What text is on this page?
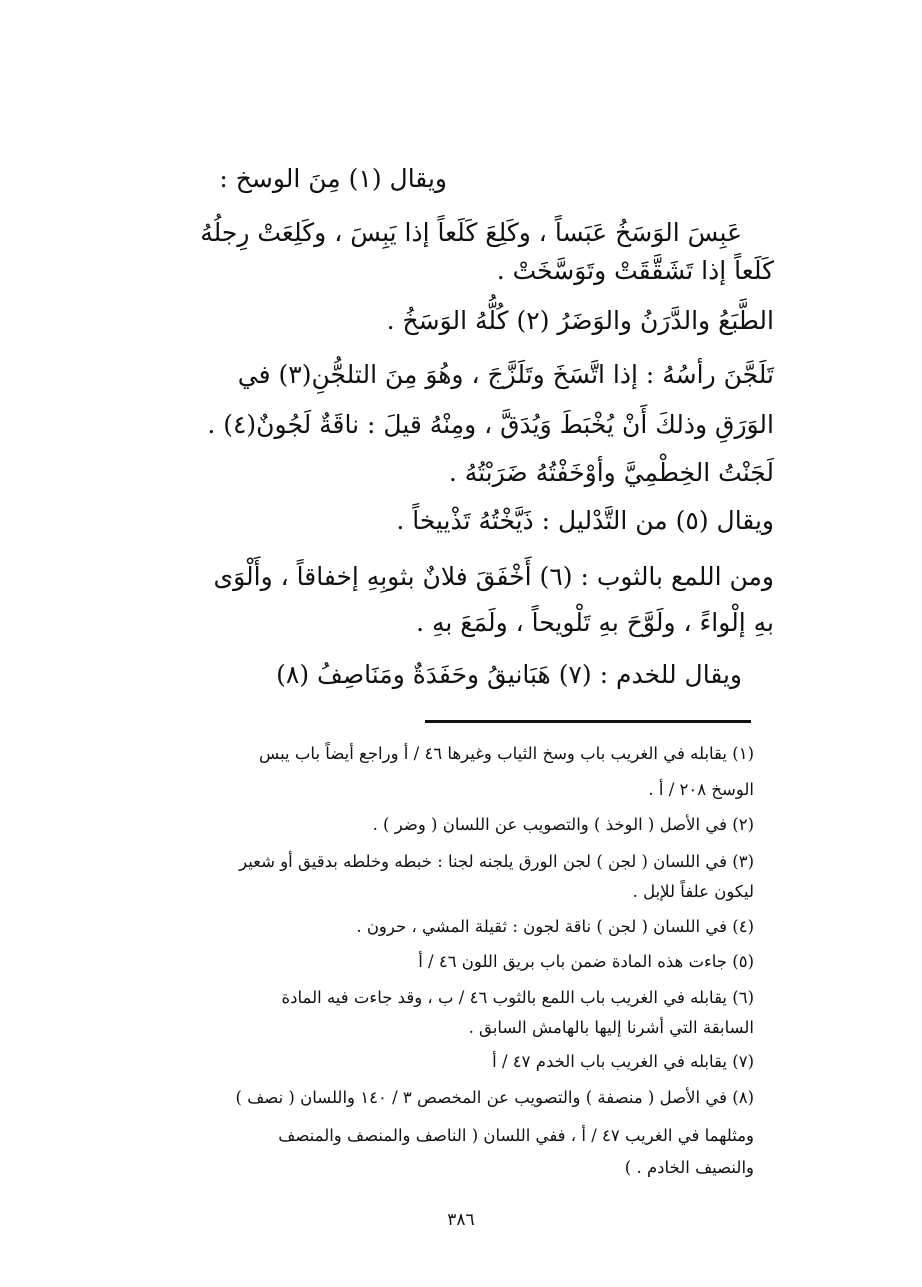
ويقال (١) مِنَ الوسخ :
عَبِسَ الوَسَخُ عَبَساً ، وكَلِعَ كَلَعاً إذا يَبِسَ ، وكَلِعَتْ رِجلُهُ
كَلَعاً إذا تَشَقَّقَتْ وتَوَسَّخَتْ .
الطَّبَعُ والدَّرَنُ والوَضَرُ (٢) كُلُّهُ الوَسَخُ .
تَلَجَّنَ رأسُهُ : إذا اتَّسَخَ وتَلَزَّجَ ، وهُوَ مِنَ التلجُّنِ(٣) في
الوَرَقِ وذلكَ أَنْ يُخْبَطَ وَيُدَقَّ ، ومِنْهُ قيلَ : ناقَةٌ لَجُونٌ(٤) .
لَجَنْتُ الخِطْمِيَّ وأوْخَفْتُهُ ضَرَبْتُهُ .
ويقال (٥) من التَّدْليل : ذَيَّخْتُهُ تَذْييخاً .
ومن اللمع بالثوب : (٦) أَخْفَقَ فلانٌ بثوبِهِ إخفاقاً ، وأَلْوَى
بهِ إلْواءً ، ولَوَّحَ بهِ تَلْويحاً ، ولَمَعَ بهِ .
ويقال للخدم : (٧) هَبَانيقُ وحَفَدَةٌ ومَنَاصِفُ (٨)
(١) يقابله في الغريب باب وسخ الثياب وغيرها ٤٦ / أ وراجع أيضاً باب يبس
الوسخ ٢٠٨ / أ .
(٢) في الأصل ( الوخذ ) والتصويب عن اللسان ( وضر ) .
(٣) في اللسان ( لجن ) لجن الورق يلجنه لجنا : خبطه وخلطه بدقيق أو شعير
ليكون علفاً للإبل .
(٤) في اللسان ( لجن ) ناقة لجون : ثقيلة المشي ، حرون .
(٥) جاءت هذه المادة ضمن باب بريق اللون ٤٦ / أ
(٦) يقابله في الغريب باب اللمع بالثوب ٤٦ / ب ، وقد جاءت فيه المادة
السابقة التي أشرنا إليها بالهامش السابق .
(٧) يقابله في الغريب باب الخدم ٤٧ / أ
(٨) في الأصل ( منصفة ) والتصويب عن المخصص ٣ / ١٤٠ واللسان ( نصف )
ومثلهما في الغريب ٤٧ / أ ، ففي اللسان ( الناصف والمنصف والمنصف
والنصيف الخادم . )
٣٨٦
